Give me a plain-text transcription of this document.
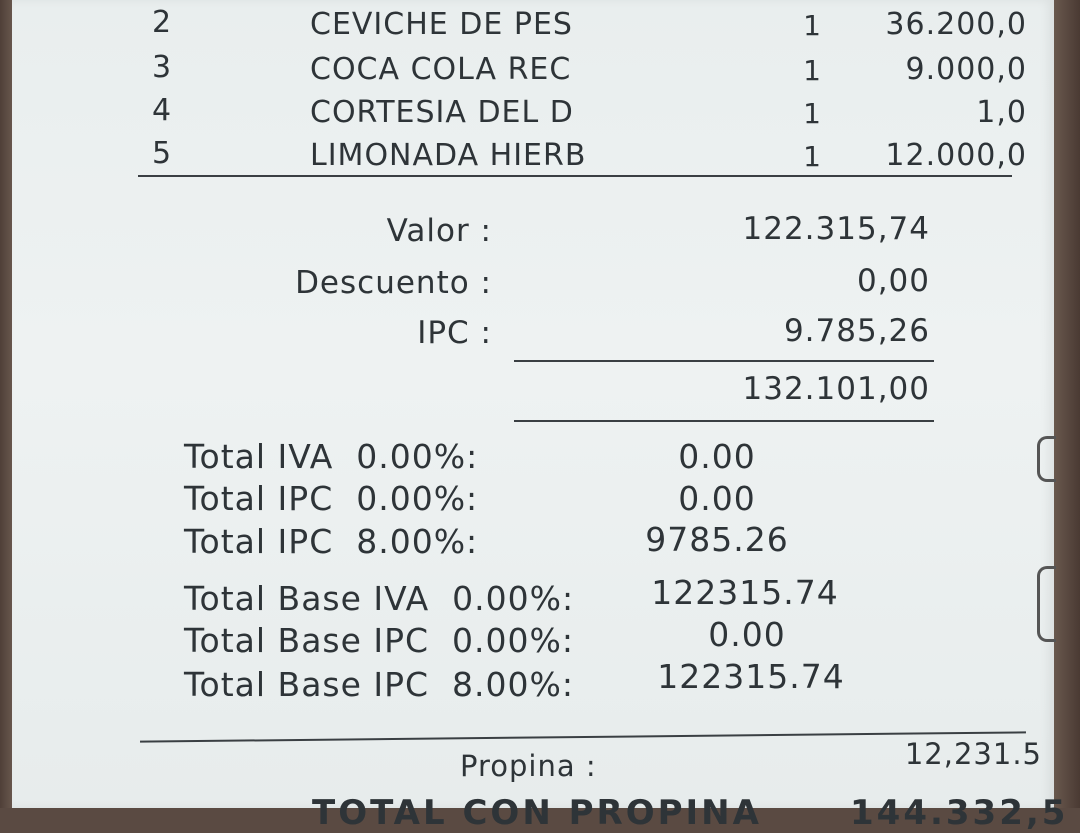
2	CEVICHE DE PES	1	36.200,0
3	COCA COLA REC	1	9.000,0
4	CORTESIA DEL D	1	1,0
5	LIMONADA HIERB	1	12.000,0
Valor :	122.315,74
Descuento :	0,00
IPC :	9.785,26
132.101,00
Total IVA  0.00%:	0.00
Total IPC  0.00%:	0.00
Total IPC  8.00%:	9785.26
Total Base IVA  0.00%:	122315.74
Total Base IPC  0.00%:	0.00
Total Base IPC  8.00%:	122315.74
Propina :	12,231.5
TOTAL CON PROPINA	144.332,5
